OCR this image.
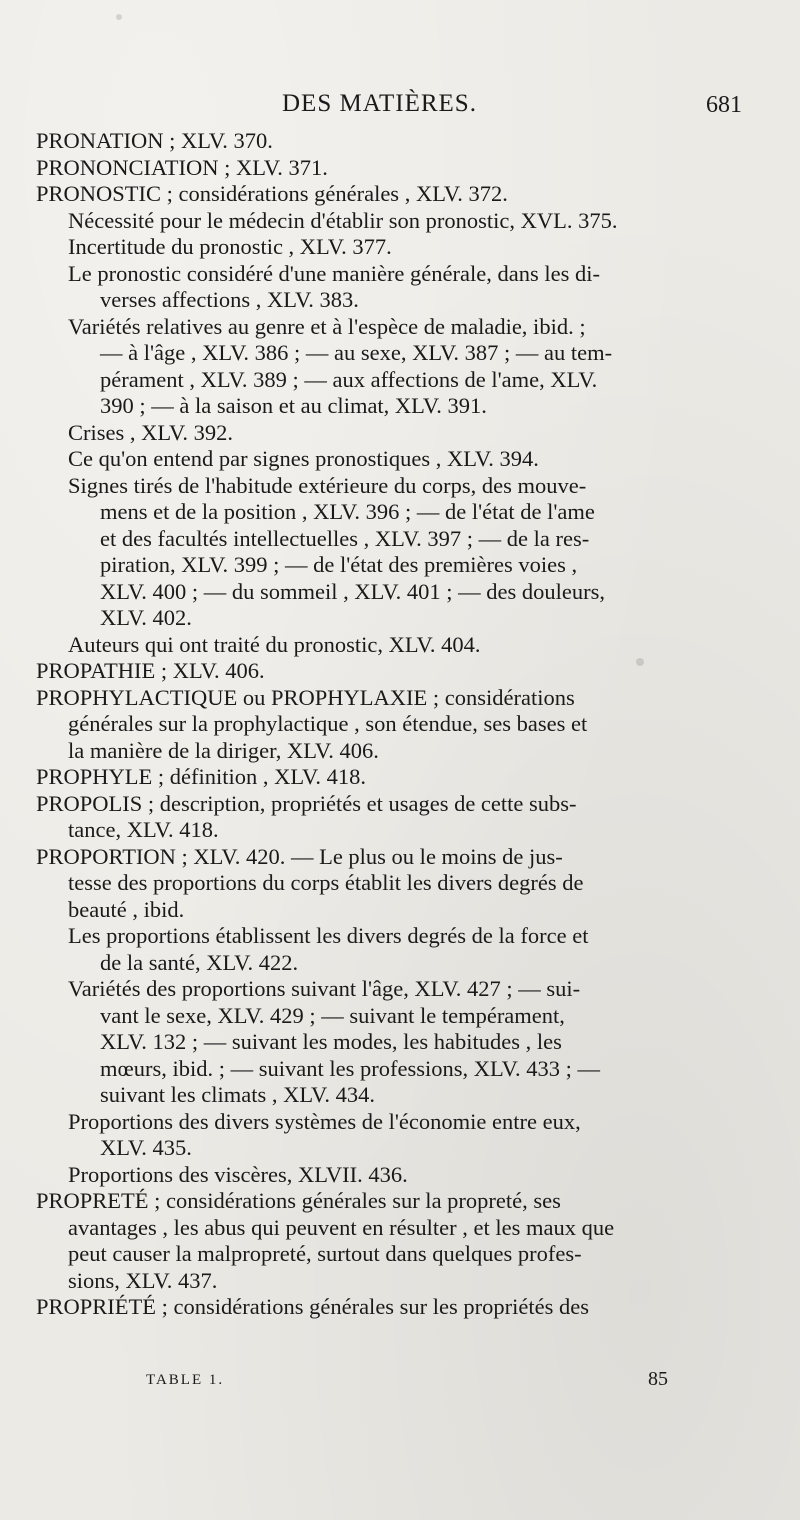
DES MATIÈRES.	681
PRONATION ; XLV. 370.
PRONONCIATION ; XLV. 371.
PRONOSTIC ; considérations générales , XLV. 372.
Nécessité pour le médecin d'établir son pronostic, XVL. 375.
Incertitude du pronostic , XLV. 377.
Le pronostic considéré d'une manière générale, dans les di-
verses affections , XLV. 383.
Variétés relatives au genre et à l'espèce de maladie, ibid. ;
— à l'âge , XLV. 386 ; — au sexe, XLV. 387 ; — au tem-
pérament , XLV. 389 ; — aux affections de l'ame, XLV.
390 ; — à la saison et au climat, XLV. 391.
Crises , XLV. 392.
Ce qu'on entend par signes pronostiques , XLV. 394.
Signes tirés de l'habitude extérieure du corps, des mouve-
mens et de la position , XLV. 396 ; — de l'état de l'ame
et des facultés intellectuelles , XLV. 397 ; — de la res-
piration, XLV. 399 ; — de l'état des premières voies ,
XLV. 400 ; — du sommeil , XLV. 401 ; — des douleurs,
XLV. 402.
Auteurs qui ont traité du pronostic, XLV. 404.
PROPATHIE ; XLV. 406.
PROPHYLACTIQUE ou PROPHYLAXIE ; considérations
générales sur la prophylactique , son étendue, ses bases et
la manière de la diriger, XLV. 406.
PROPHYLE ; définition , XLV. 418.
PROPOLIS ; description, propriétés et usages de cette subs-
tance, XLV. 418.
PROPORTION ; XLV. 420. — Le plus ou le moins de jus-
tesse des proportions du corps établit les divers degrés de
beauté , ibid.
Les proportions établissent les divers degrés de la force et
de la santé, XLV. 422.
Variétés des proportions suivant l'âge, XLV. 427 ; — sui-
vant le sexe, XLV. 429 ; — suivant le tempérament,
XLV. 132 ; — suivant les modes, les habitudes , les
mœurs, ibid. ; — suivant les professions, XLV. 433 ; —
suivant les climats , XLV. 434.
Proportions des divers systèmes de l'économie entre eux,
XLV. 435.
Proportions des viscères, XLVII. 436.
PROPRETÉ ; considérations générales sur la propreté, ses
avantages , les abus qui peuvent en résulter , et les maux que
peut causer la malpropreté, surtout dans quelques profes-
sions, XLV. 437.
PROPRIÉTÉ ; considérations générales sur les propriétés des
TABLE 1.	85
